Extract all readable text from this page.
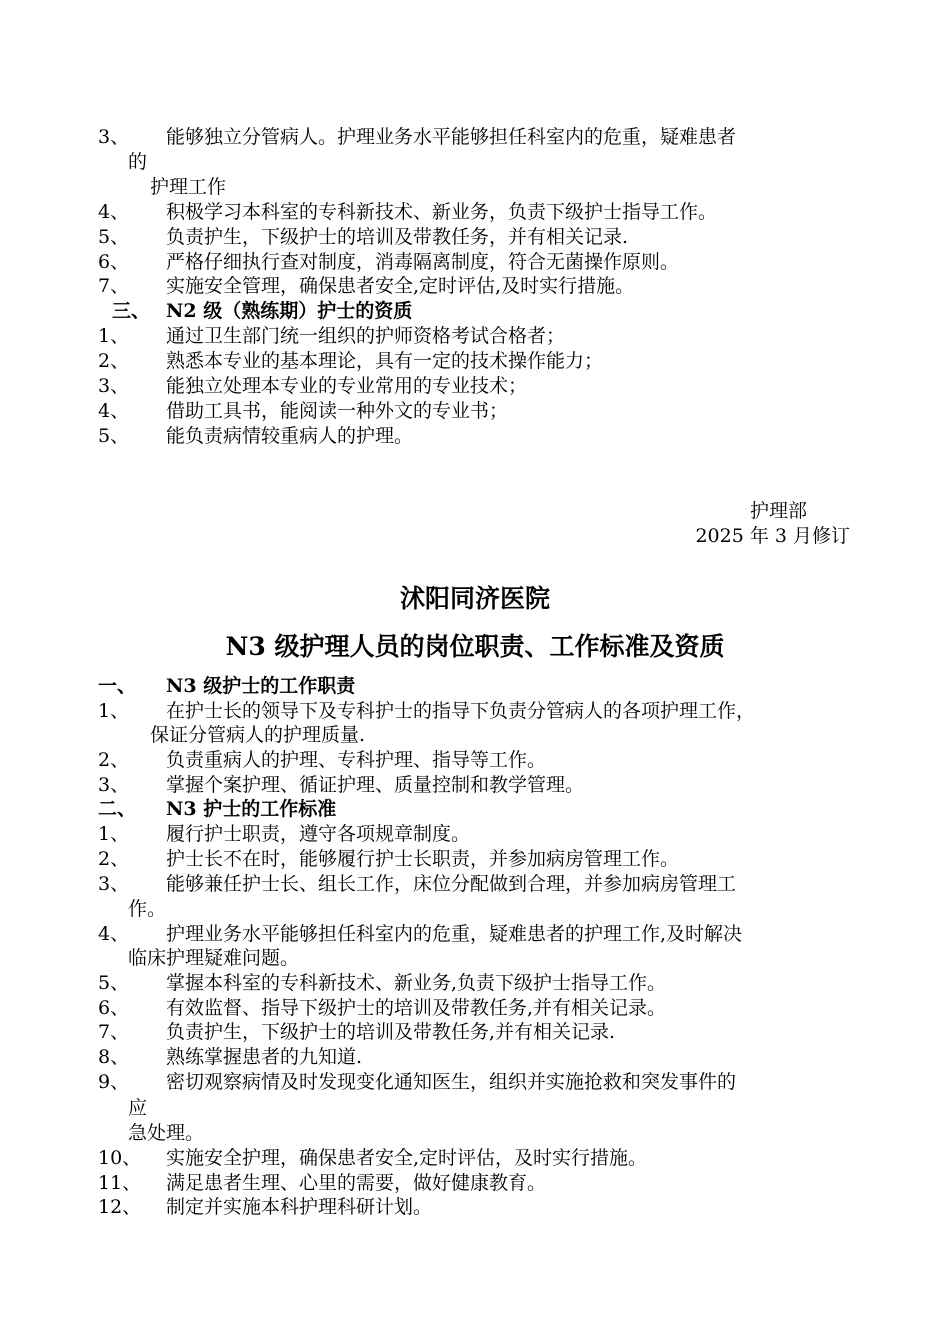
3、 能够独立分管病人。护理业务水平能够担任科室内的危重，疑难患者
的
护理工作
4、 积极学习本科室的专科新技术、新业务，负责下级护士指导工作。
5、 负责护生，下级护士的培训及带教任务，并有相关记录.
6、 严格仔细执行查对制度，消毒隔离制度，符合无菌操作原则。
7、 实施安全管理，确保患者安全,定时评估,及时实行措施。
三、 N2 级（熟练期）护士的资质
1、 通过卫生部门统一组织的护师资格考试合格者；
2、 熟悉本专业的基本理论，具有一定的技术操作能力；
3、 能独立处理本专业的专业常用的专业技术；
4、 借助工具书，能阅读一种外文的专业书；
5、 能负责病情较重病人的护理。
护理部
2025 年 3 月修订
沭阳同济医院
N3 级护理人员的岗位职责、工作标准及资质
一、 N3 级护士的工作职责
1、 在护士长的领导下及专科护士的指导下负责分管病人的各项护理工作，
保证分管病人的护理质量.
2、 负责重病人的护理、专科护理、指导等工作。
3、 掌握个案护理、循证护理、质量控制和教学管理。
二、 N3 护士的工作标准
1、 履行护士职责，遵守各项规章制度。
2、 护士长不在时，能够履行护士长职责，并参加病房管理工作。
3、 能够兼任护士长、组长工作，床位分配做到合理，并参加病房管理工
作。
4、 护理业务水平能够担任科室内的危重，疑难患者的护理工作,及时解决
临床护理疑难问题。
5、 掌握本科室的专科新技术、新业务,负责下级护士指导工作。
6、 有效监督、指导下级护士的培训及带教任务,并有相关记录。
7、 负责护生，下级护士的培训及带教任务,并有相关记录.
8、 熟练掌握患者的九知道.
9、 密切观察病情及时发现变化通知医生，组织并实施抢救和突发事件的
应
急处理。
10、 实施安全护理，确保患者安全,定时评估，及时实行措施。
11、 满足患者生理、心里的需要，做好健康教育。
12、 制定并实施本科护理科研计划。
